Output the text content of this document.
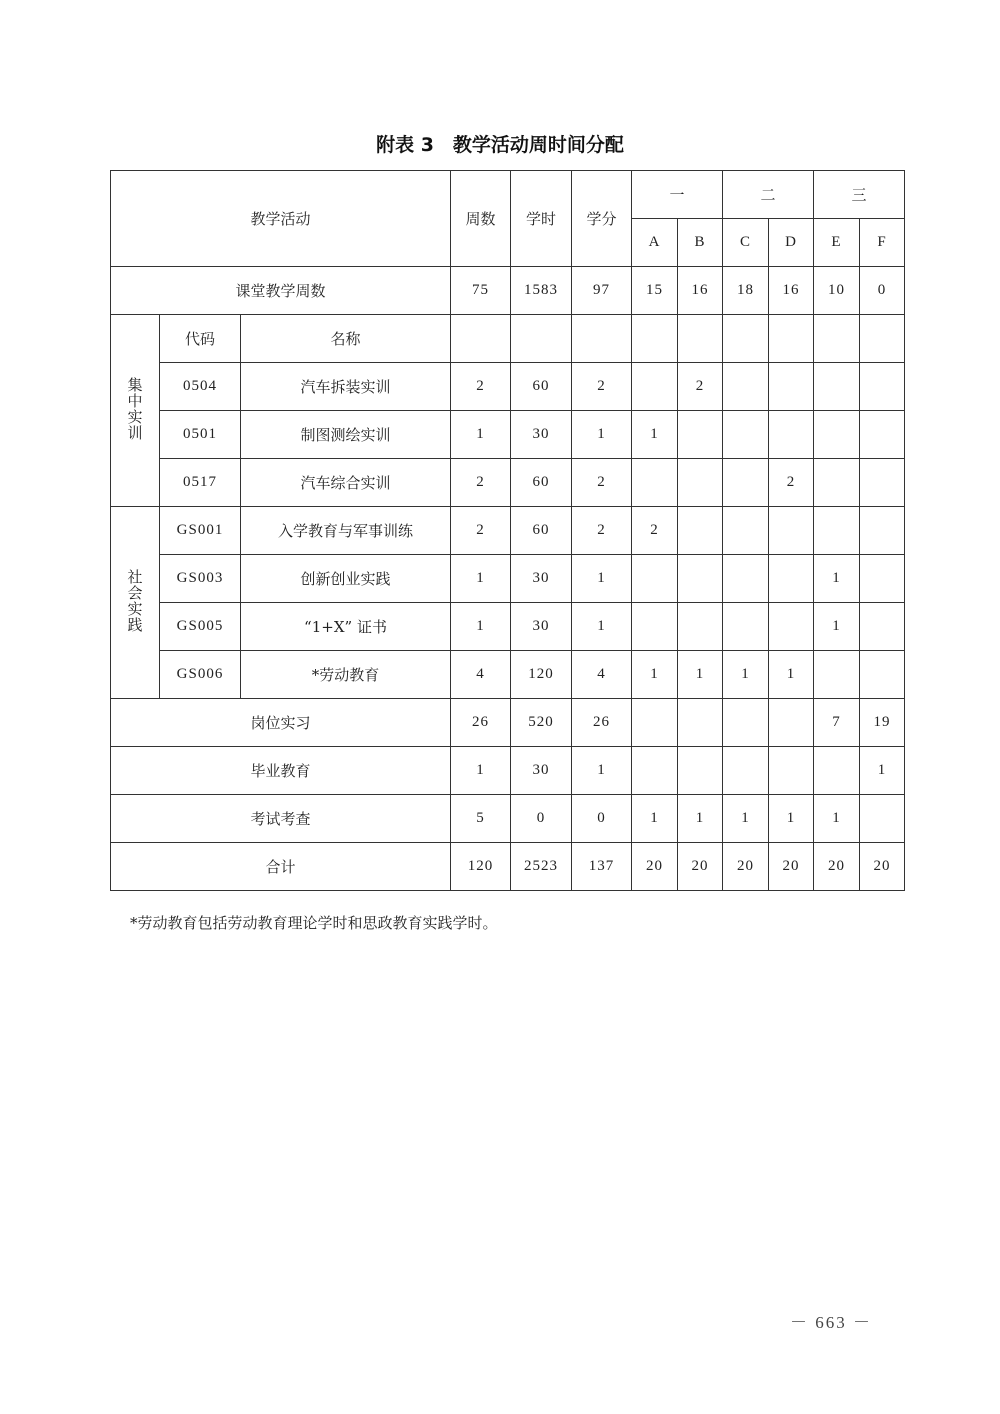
附表 3　教学活动周时间分配
教学活动			周数	学时	学分	一		二		三	
						A	B	C	D	E	F
课堂教学周数			75	1583	97	15	16	18	16	10	0
集中实训	代码	名称									
	0504	汽车拆装实训	2	60	2		2				
	0501	制图测绘实训	1	30	1	1					
	0517	汽车综合实训	2	60	2				2		
社会实践	GS001	入学教育与军事训练	2	60	2	2					
	GS003	创新创业实践	1	30	1					1	
	GS005	“1+X” 证书	1	30	1					1	
	GS006	*劳动教育	4	120	4	1	1	1	1		
岗位实习			26	520	26					7	19
毕业教育			1	30	1						1
考试考查			5	0	0	1	1	1	1	1	
合计			120	2523	137	20	20	20	20	20	20
*劳动教育包括劳动教育理论学时和思政教育实践学时。
－ 663 －
